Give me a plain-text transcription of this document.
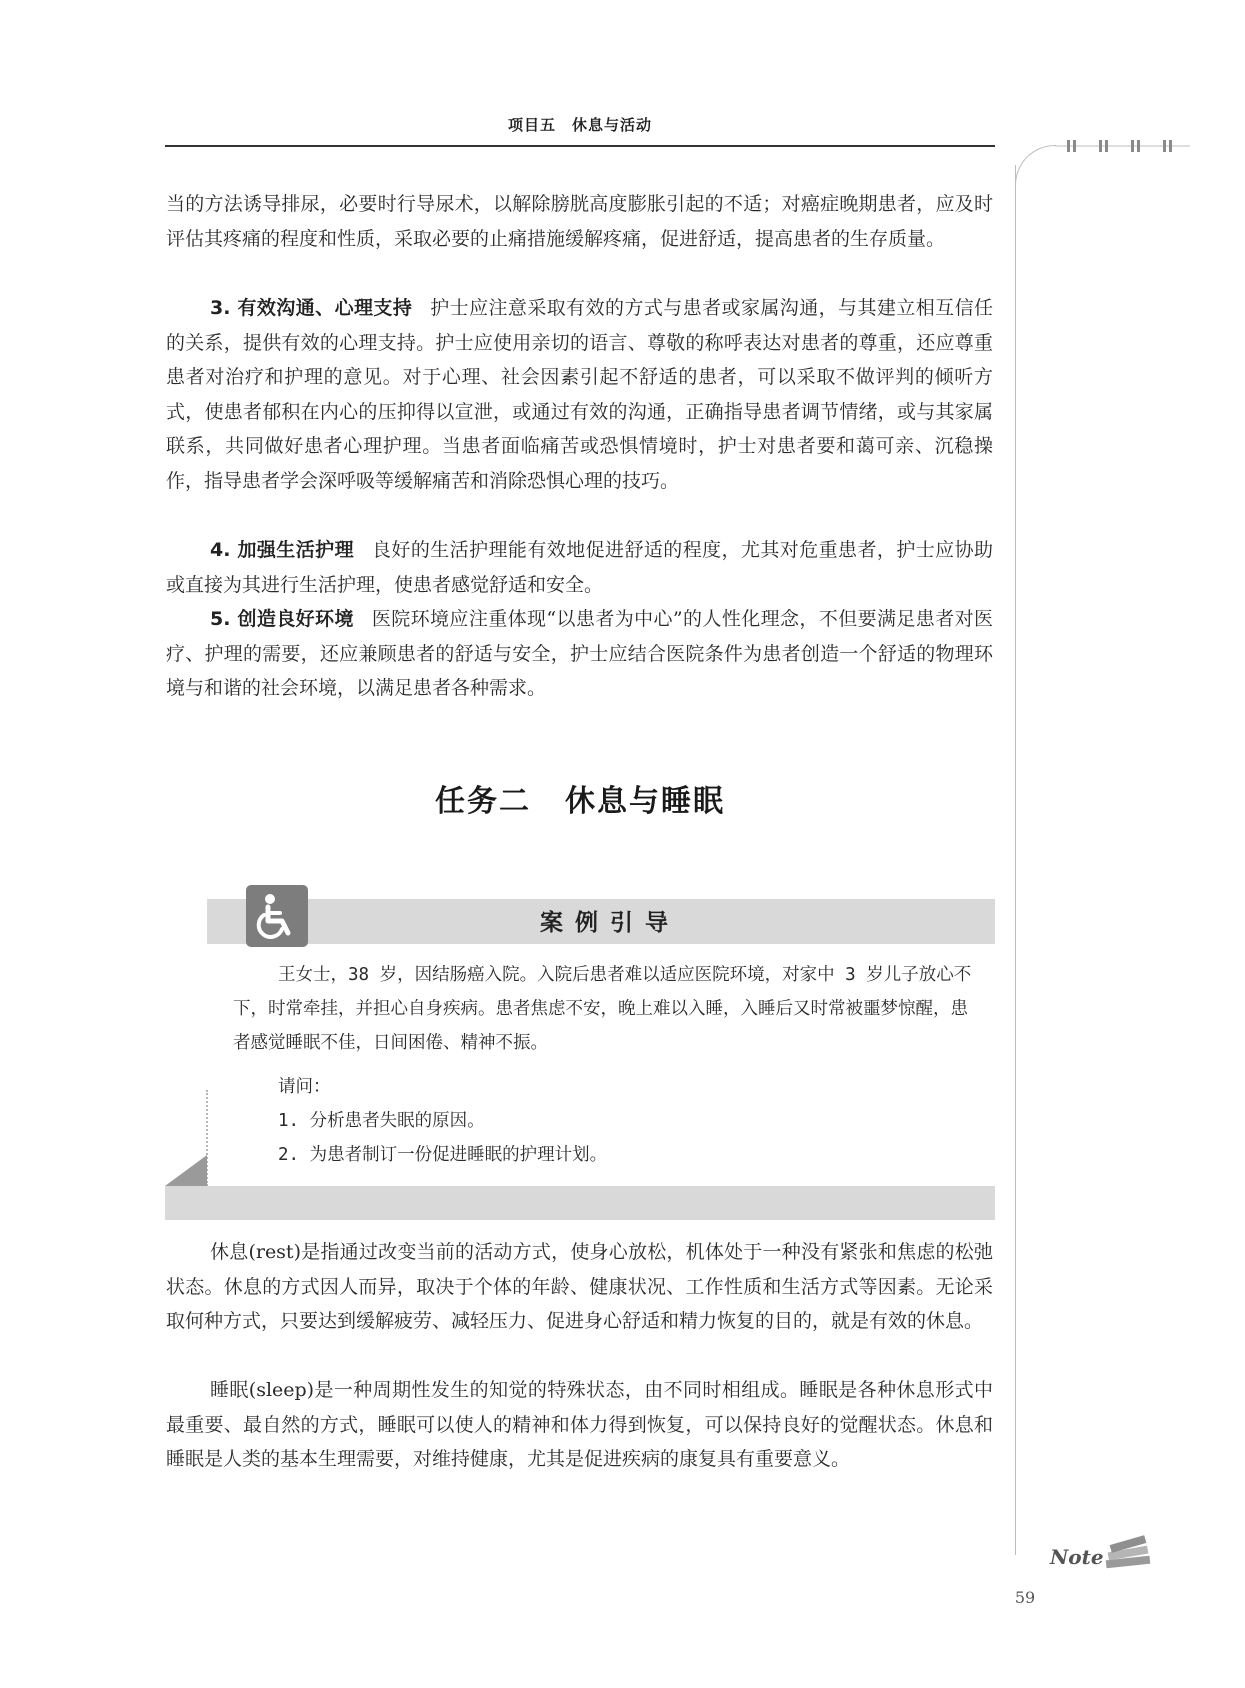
项目五　休息与活动

当的方法诱导排尿，必要时行导尿术，以解除膀胱高度膨胀引起的不适；对癌症晚期患者，应及时评估其疼痛的程度和性质，采取必要的止痛措施缓解疼痛，促进舒适，提高患者的生存质量。

3. 有效沟通、心理支持 护士应注意采取有效的方式与患者或家属沟通，与其建立相互信任的关系，提供有效的心理支持。护士应使用亲切的语言、尊敬的称呼表达对患者的尊重，还应尊重患者对治疗和护理的意见。对于心理、社会因素引起不舒适的患者，可以采取不做评判的倾听方式，使患者郁积在内心的压抑得以宣泄，或通过有效的沟通，正确指导患者调节情绪，或与其家属联系，共同做好患者心理护理。当患者面临痛苦或恐惧情境时，护士对患者要和蔼可亲、沉稳操作，指导患者学会深呼吸等缓解痛苦和消除恐惧心理的技巧。

4. 加强生活护理 良好的生活护理能有效地促进舒适的程度，尤其对危重患者，护士应协助或直接为其进行生活护理，使患者感觉舒适和安全。

5. 创造良好环境 医院环境应注重体现“以患者为中心”的人性化理念，不但要满足患者对医疗、护理的需要，还应兼顾患者的舒适与安全，护士应结合医院条件为患者创造一个舒适的物理环境与和谐的社会环境，以满足患者各种需求。

任务二 休息与睡眠
案例引导

王女士，38 岁，因结肠癌入院。入院后患者难以适应医院环境，对家中 3 岁儿子放心不下，时常牵挂，并担心自身疾病。患者焦虑不安，晚上难以入睡，入睡后又时常被噩梦惊醒，患者感觉睡眠不佳，日间困倦、精神不振。

请问：

1. 分析患者失眠的原因。

2. 为患者制订一份促进睡眠的护理计划。

休息(rest)是指通过改变当前的活动方式，使身心放松，机体处于一种没有紧张和焦虑的松弛状态。休息的方式因人而异，取决于个体的年龄、健康状况、工作性质和生活方式等因素。无论采取何种方式，只要达到缓解疲劳、减轻压力、促进身心舒适和精力恢复的目的，就是有效的休息。

睡眠(sleep)是一种周期性发生的知觉的特殊状态，由不同时相组成。睡眠是各种休息形式中最重要、最自然的方式，睡眠可以使人的精神和体力得到恢复，可以保持良好的觉醒状态。休息和睡眠是人类的基本生理需要，对维持健康，尤其是促进疾病的康复具有重要意义。

Note
59
